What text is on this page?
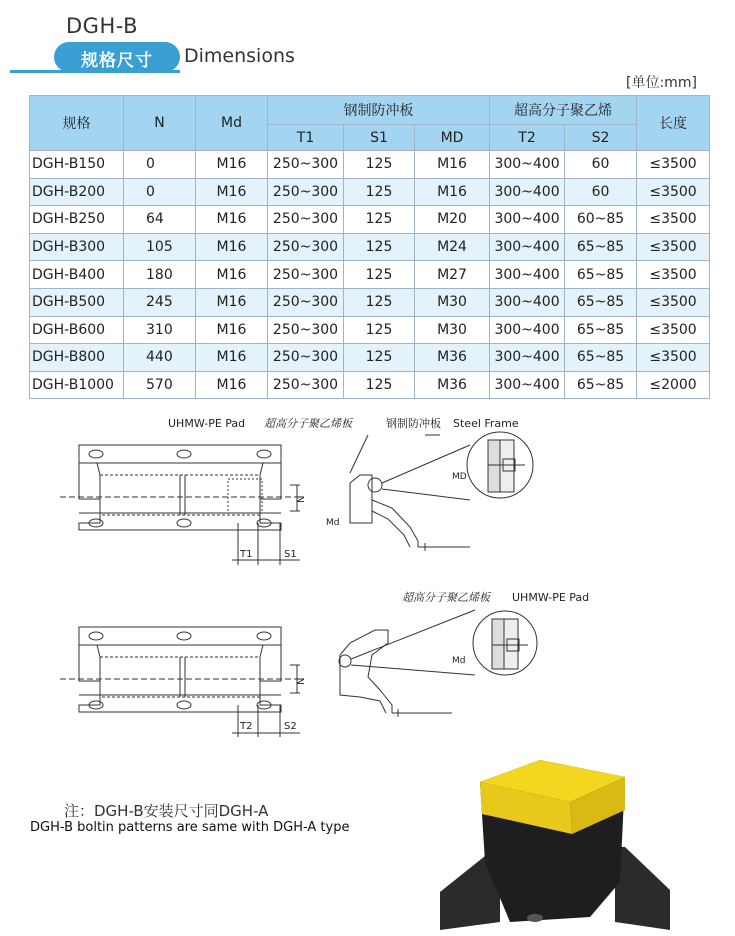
DGH-B
规格尺寸	Dimensions
[单位:mm]
规格	N	Md	钢制防冲板			超高分子聚乙烯		长度
			T1	S1	MD	T2	S2	
DGH-B150	0	M16	250~300	125	M16	300~400	60	≤3500
DGH-B200	0	M16	250~300	125	M16	300~400	60	≤3500
DGH-B250	64	M16	250~300	125	M20	300~400	60~85	≤3500
DGH-B300	105	M16	250~300	125	M24	300~400	65~85	≤3500
DGH-B400	180	M16	250~300	125	M27	300~400	65~85	≤3500
DGH-B500	245	M16	250~300	125	M30	300~400	65~85	≤3500
DGH-B600	310	M16	250~300	125	M30	300~400	65~85	≤3500
DGH-B800	440	M16	250~300	125	M36	300~400	65~85	≤3500
DGH-B1000	570	M16	250~300	125	M36	300~400	65~85	≤2000
UHMW-PE Pad 超高分子聚乙烯板	钢制防冲板 Steel Frame
N
T1	S1
Md
MD
超高分子聚乙烯板 UHMW-PE Pad
N
T2	S2
Md
注：DGH-B安装尺寸同DGH-A
DGH-B boltin patterns are same with DGH-A type
